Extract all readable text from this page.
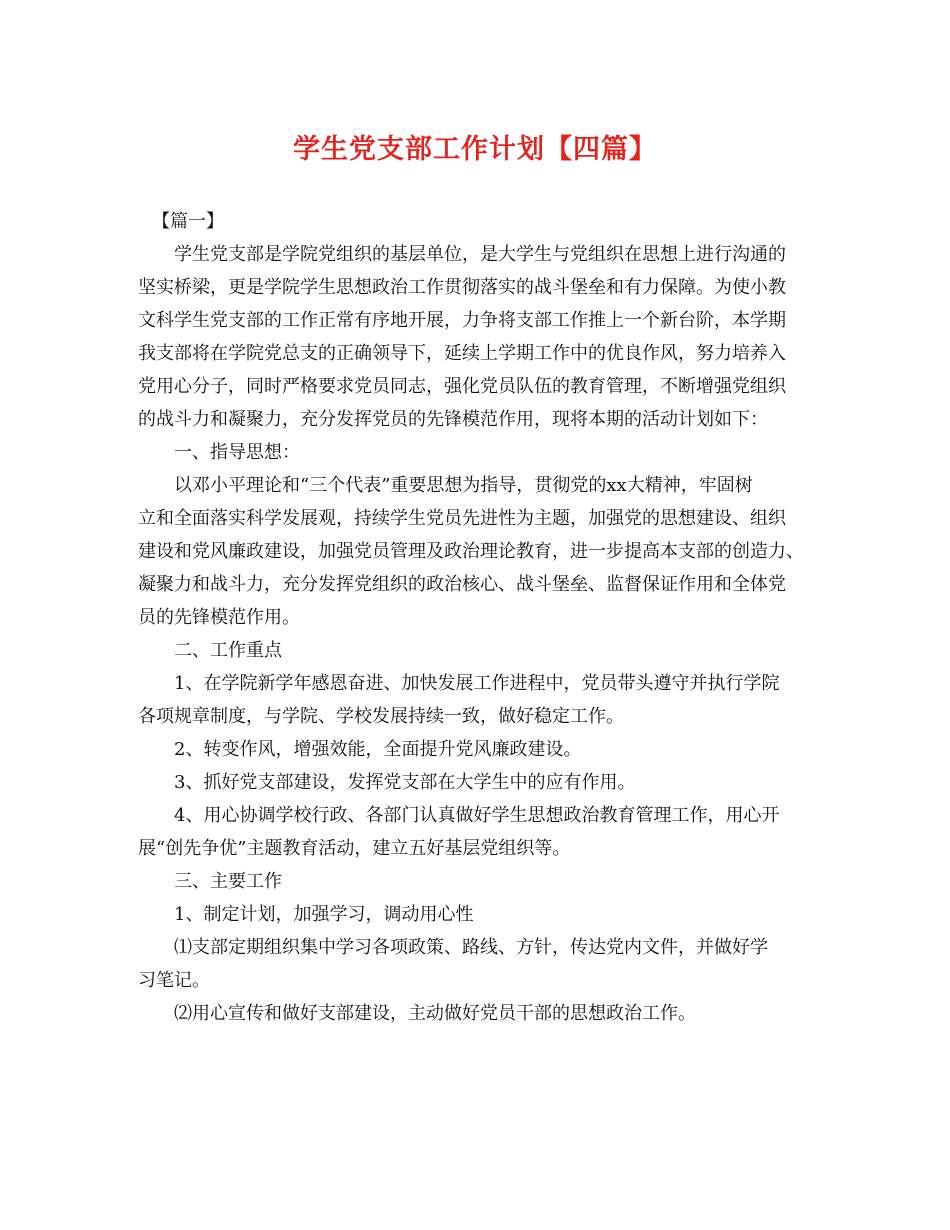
学生党支部工作计划【四篇】
【篇一】
学生党支部是学院党组织的基层单位，是大学生与党组织在思想上进行沟通的
坚实桥梁，更是学院学生思想政治工作贯彻落实的战斗堡垒和有力保障。为使小教
文科学生党支部的工作正常有序地开展，力争将支部工作推上一个新台阶，本学期
我支部将在学院党总支的正确领导下，延续上学期工作中的优良作风，努力培养入
党用心分子，同时严格要求党员同志，强化党员队伍的教育管理，不断增强党组织
的战斗力和凝聚力，充分发挥党员的先锋模范作用，现将本期的活动计划如下：
一、指导思想：
以邓小平理论和“三个代表”重要思想为指导，贯彻党的xx大精神，牢固树
立和全面落实科学发展观，持续学生党员先进性为主题，加强党的思想建设、组织
建设和党风廉政建设，加强党员管理及政治理论教育，进一步提高本支部的创造力、
凝聚力和战斗力，充分发挥党组织的政治核心、战斗堡垒、监督保证作用和全体党
员的先锋模范作用。
二、工作重点
1、在学院新学年感恩奋进、加快发展工作进程中，党员带头遵守并执行学院
各项规章制度，与学院、学校发展持续一致，做好稳定工作。
2、转变作风，增强效能，全面提升党风廉政建设。
3、抓好党支部建设，发挥党支部在大学生中的应有作用。
4、用心协调学校行政、各部门认真做好学生思想政治教育管理工作，用心开
展“创先争优”主题教育活动，建立五好基层党组织等。
三、主要工作
1、制定计划，加强学习，调动用心性
⑴支部定期组织集中学习各项政策、路线、方针，传达党内文件，并做好学
习笔记。
⑵用心宣传和做好支部建设，主动做好党员干部的思想政治工作。
